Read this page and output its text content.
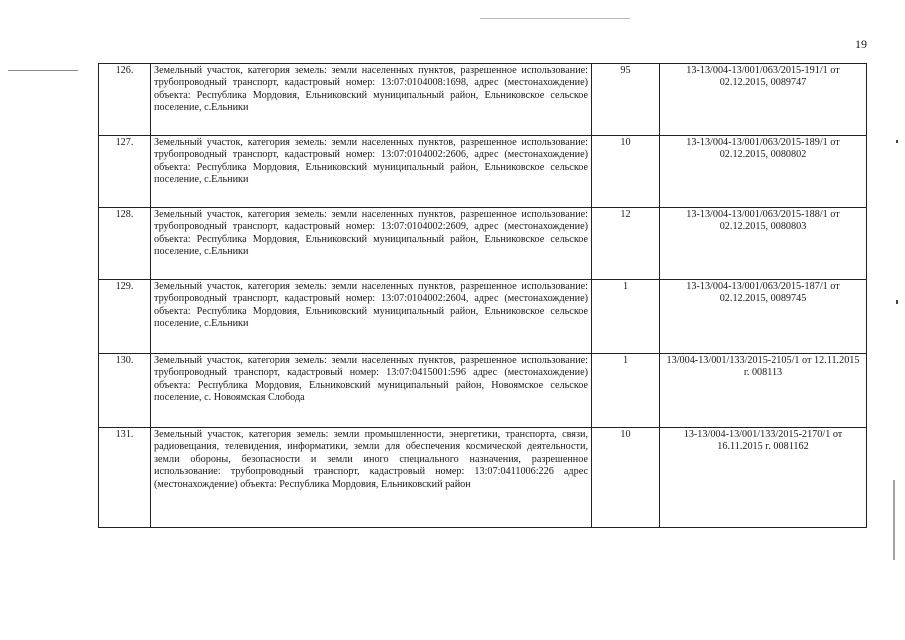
19
126.	Земельный участок, категория земель: земли населенных пунктов, разрешенное использование: трубопроводный транспорт, кадастровый номер: 13:07:0104008:1698, адрес (местонахождение) объекта: Республика Мордовия, Ельниковский муниципальный район, Ельниковское сельское поселение, с.Ельники	95	13-13/004-13/001/063/2015-191/1 от 02.12.2015, 0089747
127.	Земельный участок, категория земель: земли населенных пунктов, разрешенное использование: трубопроводный транспорт, кадастровый номер: 13:07:0104002:2606, адрес (местонахождение) объекта: Республика Мордовия, Ельниковский муниципальный район, Ельниковское сельское поселение, с.Ельники	10	13-13/004-13/001/063/2015-189/1 от 02.12.2015, 0080802
128.	Земельный участок, категория земель: земли населенных пунктов, разрешенное использование: трубопроводный транспорт, кадастровый номер: 13:07:0104002:2609, адрес (местонахождение) объекта: Республика Мордовия, Ельниковский муниципальный район, Ельниковское сельское поселение, с.Ельники	12	13-13/004-13/001/063/2015-188/1 от 02.12.2015, 0080803
129.	Земельный участок, категория земель: земли населенных пунктов, разрешенное использование: трубопроводный транспорт, кадастровый номер: 13:07:0104002:2604, адрес (местонахождение) объекта: Республика Мордовия, Ельниковский муниципальный район, Ельниковское сельское поселение, с.Ельники	1	13-13/004-13/001/063/2015-187/1 от 02.12.2015, 0089745
130.	Земельный участок, категория земель: земли населенных пунктов, разрешенное использование: трубопроводный транспорт, кадастровый номер: 13:07:0415001:596 адрес (местонахождение) объекта: Республика Мордовия, Ельниковский муниципальный район, Новоямское сельское поселение, с. Новоямская Слобода	1	13/004-13/001/133/2015-2105/1 от 12.11.2015 г. 008113
131.	Земельный участок, категория земель: земли промышленности, энергетики, транспорта, связи, радиовещания, телевидения, информатики, земли для обеспечения космической деятельности, земли обороны, безопасности и земли иного специального назначения, разрешенное использование: трубопроводный транспорт, кадастровый номер: 13:07:0411006:226 адрес (местонахождение) объекта: Республика Мордовия, Ельниковский район	10	13-13/004-13/001/133/2015-2170/1 от 16.11.2015 г. 0081162
